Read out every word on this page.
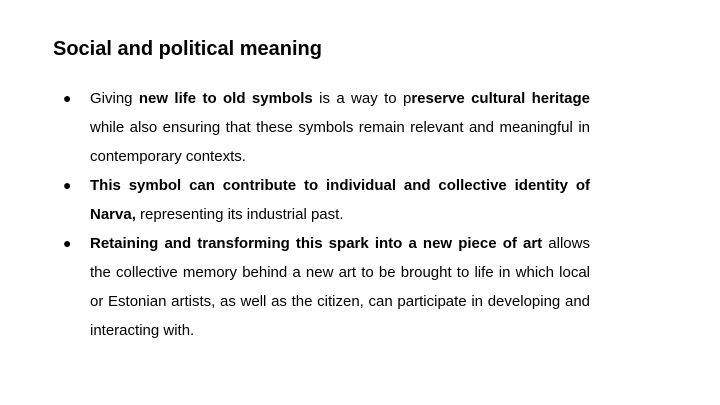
Social and political meaning
● Giving new life to old symbols is a way to preserve cultural heritage while also ensuring that these symbols remain relevant and meaningful in contemporary contexts.
● This symbol can contribute to individual and collective identity of Narva, representing its industrial past.
● Retaining and transforming this spark into a new piece of art allows the collective memory behind a new art to be brought to life in which local or Estonian artists, as well as the citizen, can participate in developing and interacting with.
